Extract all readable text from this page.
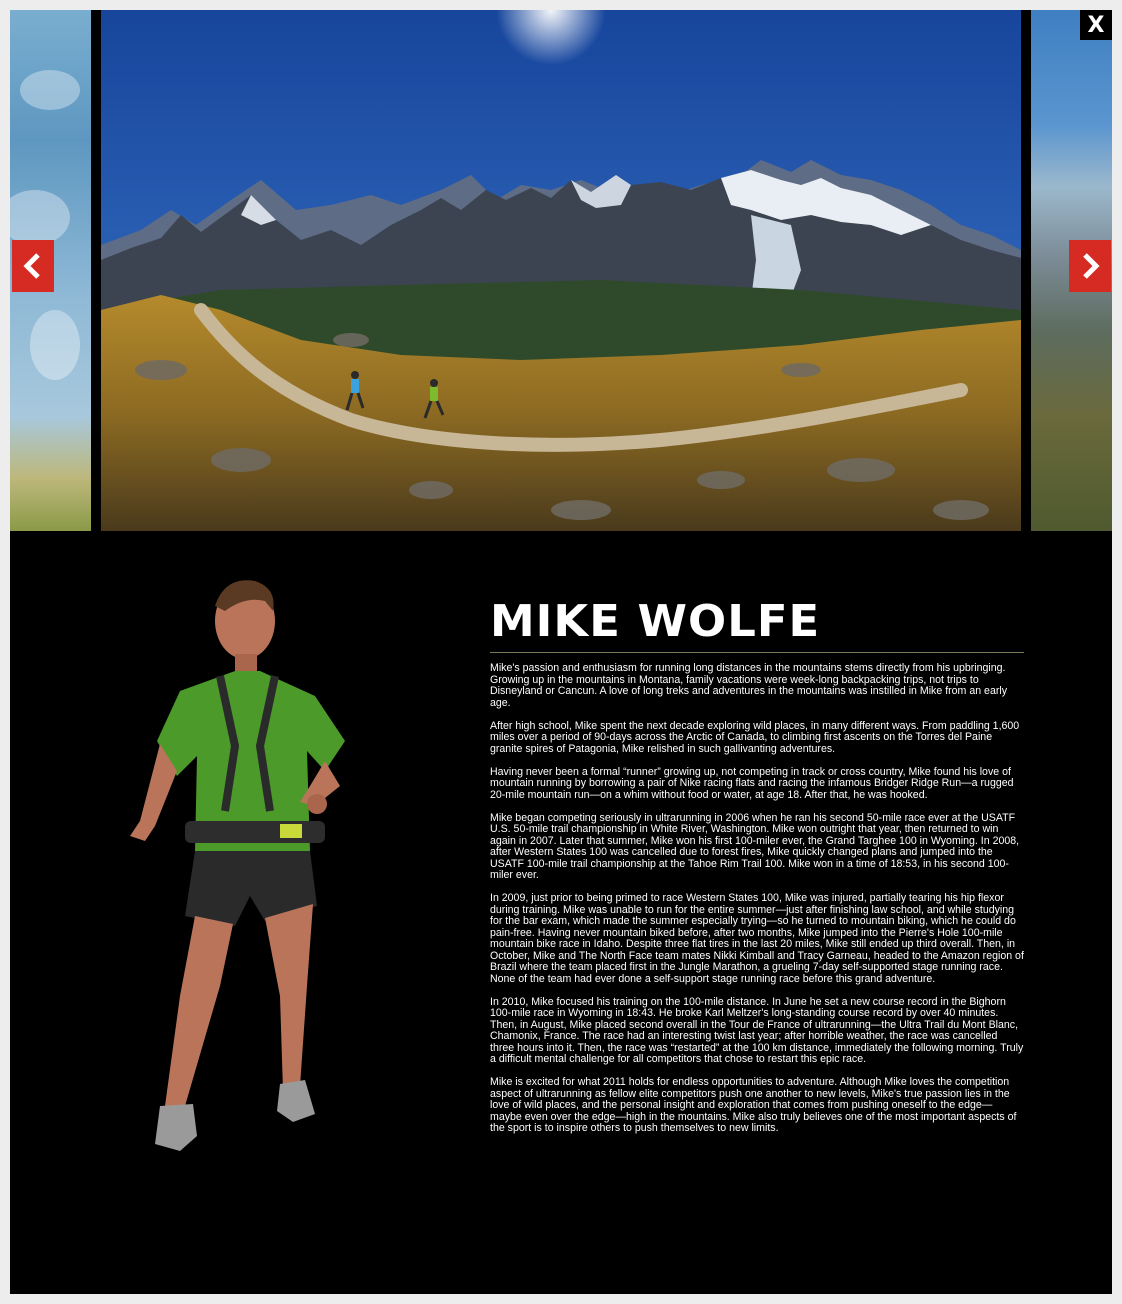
X
MIKE WOLFE

Mike's passion and enthusiasm for running long distances in the mountains stems directly from his upbringing. Growing up in the mountains in Montana, family vacations were week-long backpacking trips, not trips to Disneyland or Cancun. A love of long treks and adventures in the mountains was instilled in Mike from an early age.

After high school, Mike spent the next decade exploring wild places, in many different ways. From paddling 1,600 miles over a period of 90-days across the Arctic of Canada, to climbing first ascents on the Torres del Paine granite spires of Patagonia, Mike relished in such gallivanting adventures.

Having never been a formal “runner” growing up, not competing in track or cross country, Mike found his love of mountain running by borrowing a pair of Nike racing flats and racing the infamous Bridger Ridge Run—a rugged 20-mile mountain run—on a whim without food or water, at age 18. After that, he was hooked.

Mike began competing seriously in ultrarunning in 2006 when he ran his second 50-mile race ever at the USATF U.S. 50-mile trail championship in White River, Washington. Mike won outright that year, then returned to win again in 2007. Later that summer, Mike won his first 100-miler ever, the Grand Targhee 100 in Wyoming. In 2008, after Western States 100 was cancelled due to forest fires, Mike quickly changed plans and jumped into the USATF 100-mile trail championship at the Tahoe Rim Trail 100. Mike won in a time of 18:53, in his second 100-miler ever.

In 2009, just prior to being primed to race Western States 100, Mike was injured, partially tearing his hip flexor during training. Mike was unable to run for the entire summer—just after finishing law school, and while studying for the bar exam, which made the summer especially trying—so he turned to mountain biking, which he could do pain-free. Having never mountain biked before, after two months, Mike jumped into the Pierre's Hole 100-mile mountain bike race in Idaho. Despite three flat tires in the last 20 miles, Mike still ended up third overall. Then, in October, Mike and The North Face team mates Nikki Kimball and Tracy Garneau, headed to the Amazon region of Brazil where the team placed first in the Jungle Marathon, a grueling 7-day self-supported stage running race. None of the team had ever done a self-support stage running race before this grand adventure.

In 2010, Mike focused his training on the 100-mile distance. In June he set a new course record in the Bighorn 100-mile race in Wyoming in 18:43. He broke Karl Meltzer's long-standing course record by over 40 minutes. Then, in August, Mike placed second overall in the Tour de France of ultrarunning—the Ultra Trail du Mont Blanc, Chamonix, France. The race had an interesting twist last year; after horrible weather, the race was cancelled three hours into it. Then, the race was “restarted” at the 100 km distance, immediately the following morning. Truly a difficult mental challenge for all competitors that chose to restart this epic race.

Mike is excited for what 2011 holds for endless opportunities to adventure. Although Mike loves the competition aspect of ultrarunning as fellow elite competitors push one another to new levels, Mike's true passion lies in the love of wild places, and the personal insight and exploration that comes from pushing oneself to the edge—maybe even over the edge—high in the mountains. Mike also truly believes one of the most important aspects of the sport is to inspire others to push themselves to new limits.
